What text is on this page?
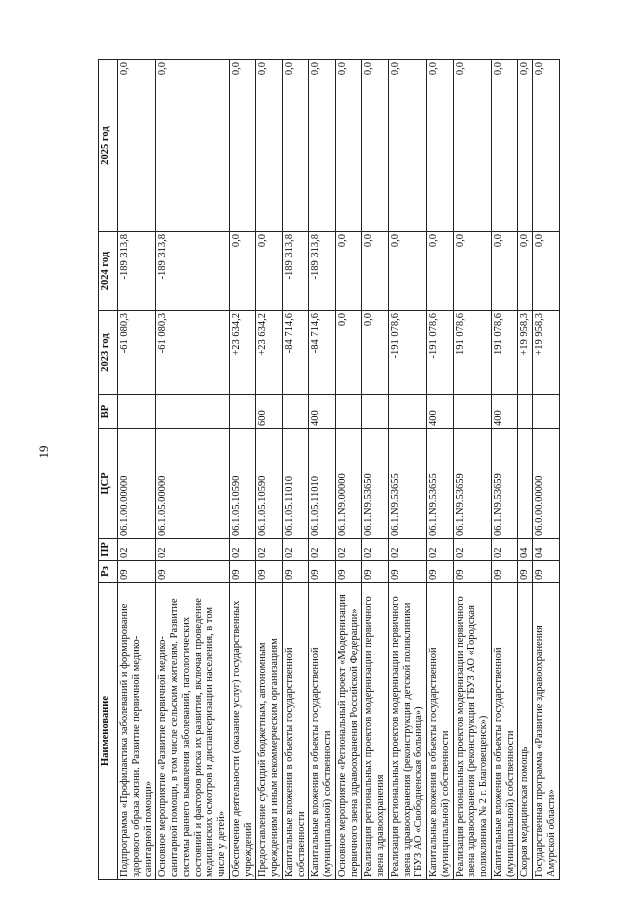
19
Наименование	Рз	ПР	ЦСР	ВР	2023 год	2024 год	2025 год
Подпрограмма «Профилактика заболеваний и формирование здорового образа жизни. Развитие первичной медико-санитарной помощи»	09	02	06.1.00.00000		-61 080,3	-189 313,8	0,0
Основное мероприятие «Развитие первичной медико-санитарной помощи, в том числе сельским жителям. Развитие системы раннего выявления заболеваний, патологических состояний и факторов риска их развития, включая проведение медицинских осмотров и диспансеризации населения, в том числе у детей»	09	02	06.1.05.00000		-61 080,3	-189 313,8	0,0
Обеспечение деятельности (оказание услуг) государственных учреждений	09	02	06.1.05.10590		+23 634,2	0,0	0,0
Предоставление субсидий бюджетным, автономным учреждениям и иным некоммерческим организациям	09	02	06.1.05.10590	600	+23 634,2	0,0	0,0
Капитальные вложения в объекты государственной собственности	09	02	06.1.05.11010		-84 714,6	-189 313,8	0,0
Капитальные вложения в объекты государственной (муниципальной) собственности	09	02	06.1.05.11010	400	-84 714,6	-189 313,8	0,0
Основное мероприятие «Региональный проект «Модернизация первичного звена здравоохранения Российской Федерации»	09	02	06.1.N9.00000		0,0	0,0	0,0
Реализация региональных проектов модернизации первичного звена здравоохранения	09	02	06.1.N9.53650		0,0	0,0	0,0
Реализация региональных проектов модернизации первичного звена здравоохранения (реконструкция детской поликлиники ГБУЗ АО «Свободненская больница»)	09	02	06.1.N9.53655		-191 078,6	0,0	0,0
Капитальные вложения в объекты государственной (муниципальной) собственности	09	02	06.1.N9.53655	400	-191 078,6	0,0	0,0
Реализация региональных проектов модернизации первичного звена здравоохранения (реконструкция ГБУЗ АО «Городская поликлиника № 2 г. Благовещенск»)	09	02	06.1.N9.53659		191 078,6	0,0	0,0
Капитальные вложения в объекты государственной (муниципальной) собственности	09	02	06.1.N9.53659	400	191 078,6	0,0	0,0
Скорая медицинская помощь	09	04			+19 958,3	0,0	0,0
Государственная программа «Развитие здравоохранения Амурской области»	09	04	06.0.00.00000		+19 958,3	0,0	0,0
